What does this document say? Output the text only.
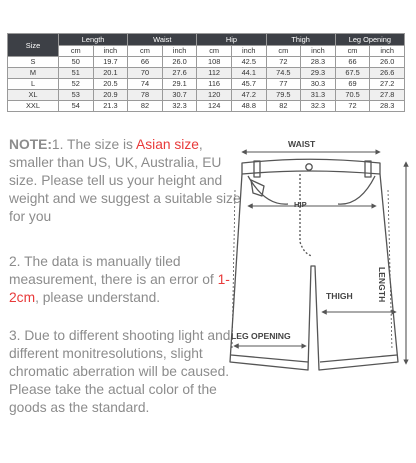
Size	Length		Waist		Hip		Thigh		Leg Opening	
	cm	inch	cm	inch	cm	inch	cm	inch	cm	inch
S	50	19.7	66	26.0	108	42.5	72	28.3	66	26.0
M	51	20.1	70	27.6	112	44.1	74.5	29.3	67.5	26.6
L	52	20.5	74	29.1	116	45.7	77	30.3	69	27.2
XL	53	20.9	78	30.7	120	47.2	79.5	31.3	70.5	27.8
XXL	54	21.3	82	32.3	124	48.8	82	32.3	72	28.3

NOTE:1. The size is Asian size, smaller than US, UK, Australia, EU size. Please tell us your height and weight and we suggest a suitable size for you

2. The data is manually tiled measurement, there is an error of 1-2cm, please understand.

3. Due to different shooting light and different monitresolutions, slight chromatic aberration will be caused. Please take the actual color of the goods as the standard.

WAIST
HIP
THIGH
LEG OPENING
LENGTH
